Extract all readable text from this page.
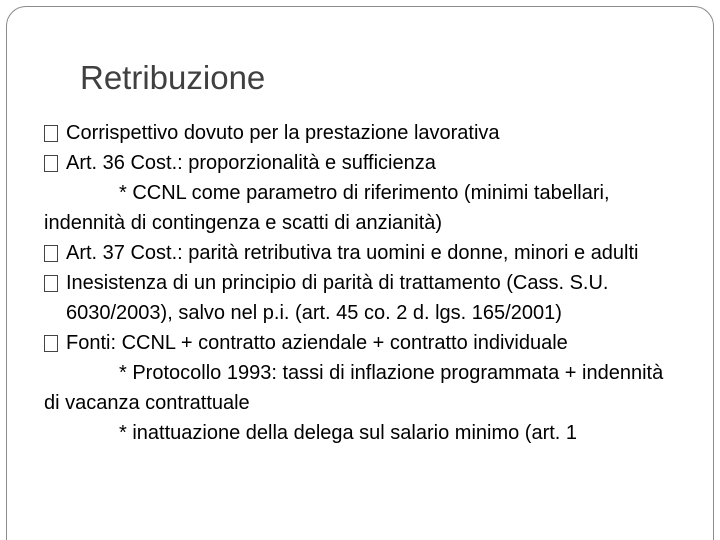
Retribuzione
Corrispettivo dovuto per la prestazione lavorativa
Art. 36 Cost.: proporzionalità e sufficienza
* CCNL come parametro di riferimento (minimi tabellari, indennità di contingenza e scatti di anzianità)
Art. 37 Cost.: parità retributiva tra uomini e donne, minori e adulti
Inesistenza di un principio di parità di trattamento (Cass. S.U. 6030/2003), salvo nel p.i. (art. 45 co. 2 d. lgs. 165/2001)
Fonti: CCNL + contratto aziendale + contratto individuale
* Protocollo 1993: tassi di inflazione programmata + indennità di vacanza contrattuale
* inattuazione della delega sul salario minimo (art. 1
